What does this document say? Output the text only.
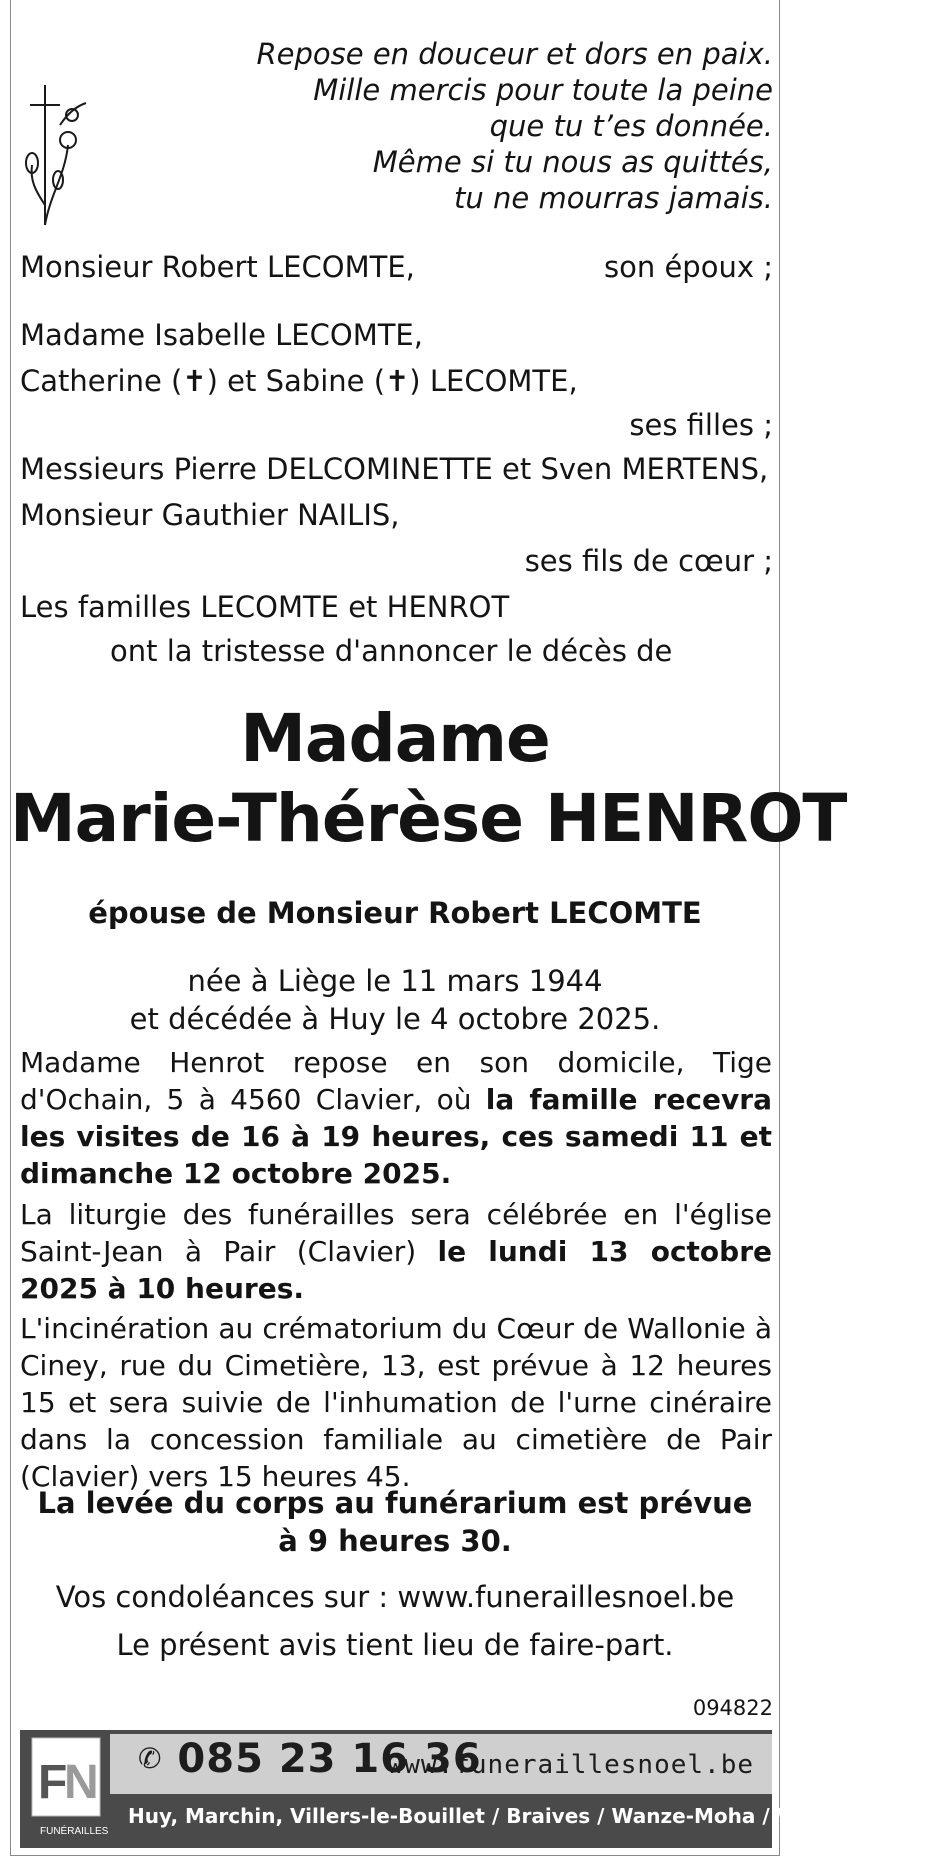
Repose en douceur et dors en paix.
Mille mercis pour toute la peine
que tu t’es donnée.
Même si tu nous as quittés,
tu ne mourras jamais.
Monsieur Robert LECOMTE,	son époux ;
Madame Isabelle LECOMTE,
Catherine (✝) et Sabine (✝) LECOMTE,
ses filles ;
Messieurs Pierre DELCOMINETTE et Sven MERTENS,
Monsieur Gauthier NAILIS,
ses fils de cœur ;
Les familles LECOMTE et HENROT
ont la tristesse d'annoncer le décès de
Madame
Marie-Thérèse HENROT
épouse de Monsieur Robert LECOMTE
née à Liège le 11 mars 1944
et décédée à Huy le 4 octobre 2025.
Madame Henrot repose en son domicile, Tige d'Ochain, 5 à 4560 Clavier, où la famille recevra les visites de 16 à 19 heures, ces samedi 11 et dimanche 12 octobre 2025.
La liturgie des funérailles sera célébrée en l'église Saint-Jean à Pair (Clavier) le lundi 13 octobre 2025 à 10 heures.
L'incinération au crématorium du Cœur de Wallonie à Ciney, rue du Cimetière, 13, est prévue à 12 heures 15 et sera suivie de l'inhumation de l'urne cinéraire dans la concession familiale au cimetière de Pair (Clavier) vers 15 heures 45.
La levée du corps au funérarium est prévue
à 9 heures 30.
Vos condoléances sur : www.funeraillesnoel.be
Le présent avis tient lieu de faire-part.
094822
F
N
FUNÉRAILLES
✆ 085 23 16 36
www.funeraillesnoel.be
Huy, Marchin, Villers-le-Bouillet / Braives / Wanze-Moha / Vaux-et-Borset
